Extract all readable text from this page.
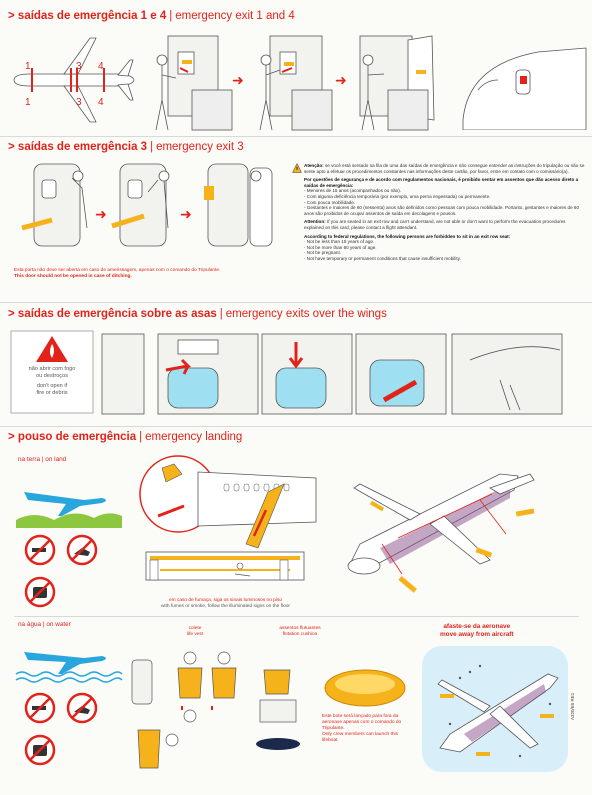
> saídas de emergência 1 e 4 | emergency exit 1 and 4
1	3 4
1	3 4
➜	➜
> saídas de emergência 3 | emergency exit 3
➜	➜
Esta porta não deve ser aberta em caso de amerissagem, apenas com o comando do Tripulante.
This door should not be opened in case of ditching.
Atenção: se você está sentado na fila de uma das saídas de emergência e não consegue entender as instruções do tripulação ou não se sente apto a efetuar os procedimentos constantes nas informações deste cartão, por favor, entre em contato com o comissário(a).
Por questões de segurança e de acordo com regulamentos nacionais, é proibido sentar em assentos que dão acesso direto a saídas de emergência:
- Menores de 15 anos (acompanhados ou não).
- Com alguma deficiência temporária (por exemplo, uma perna engessada) ou permanente.
- Com pouca mobilidade.
- Gestantes e maiores de 60 (sessenta) anos são definidos como pessoas com pouca mobilidade. Portanto, gestantes e maiores de 60 anos são proibidos de ocupar assentos de saída em decolagens e pousos.
Attention: If you are seated in an exit row and can't understand, are not able or don't want to perform the evacuation procedures explained on this card, please contact a flight attendant.
According to federal regulations, the following persons are forbidden to sit in an exit row seat:
· Not be less than 15 years of age.
· Not be more than 60 years of age.
· Not be pregnant.
· Not have temporary or permanent conditions that cause insufficient mobility.
> saídas de emergência sobre as asas | emergency exits over the wings
não abrir com fogo
ou destroços
don't open if
fire or debris
> pouso de emergência | emergency landing
na terra | on land
em caso de fumaça, siga os sinais luminosos no piso
with fumes or smoke, follow the illuminated signs on the floor
A320/E0 RE1
na água | on water
colete
life vest
assentos flutuantes
flotation cushion
Este bote será lançado para fora da aeronave apenas com o comando do Tripulante.
Only crew members can launch this lifeboat
afaste-se da aeronave
move away from aircraft
